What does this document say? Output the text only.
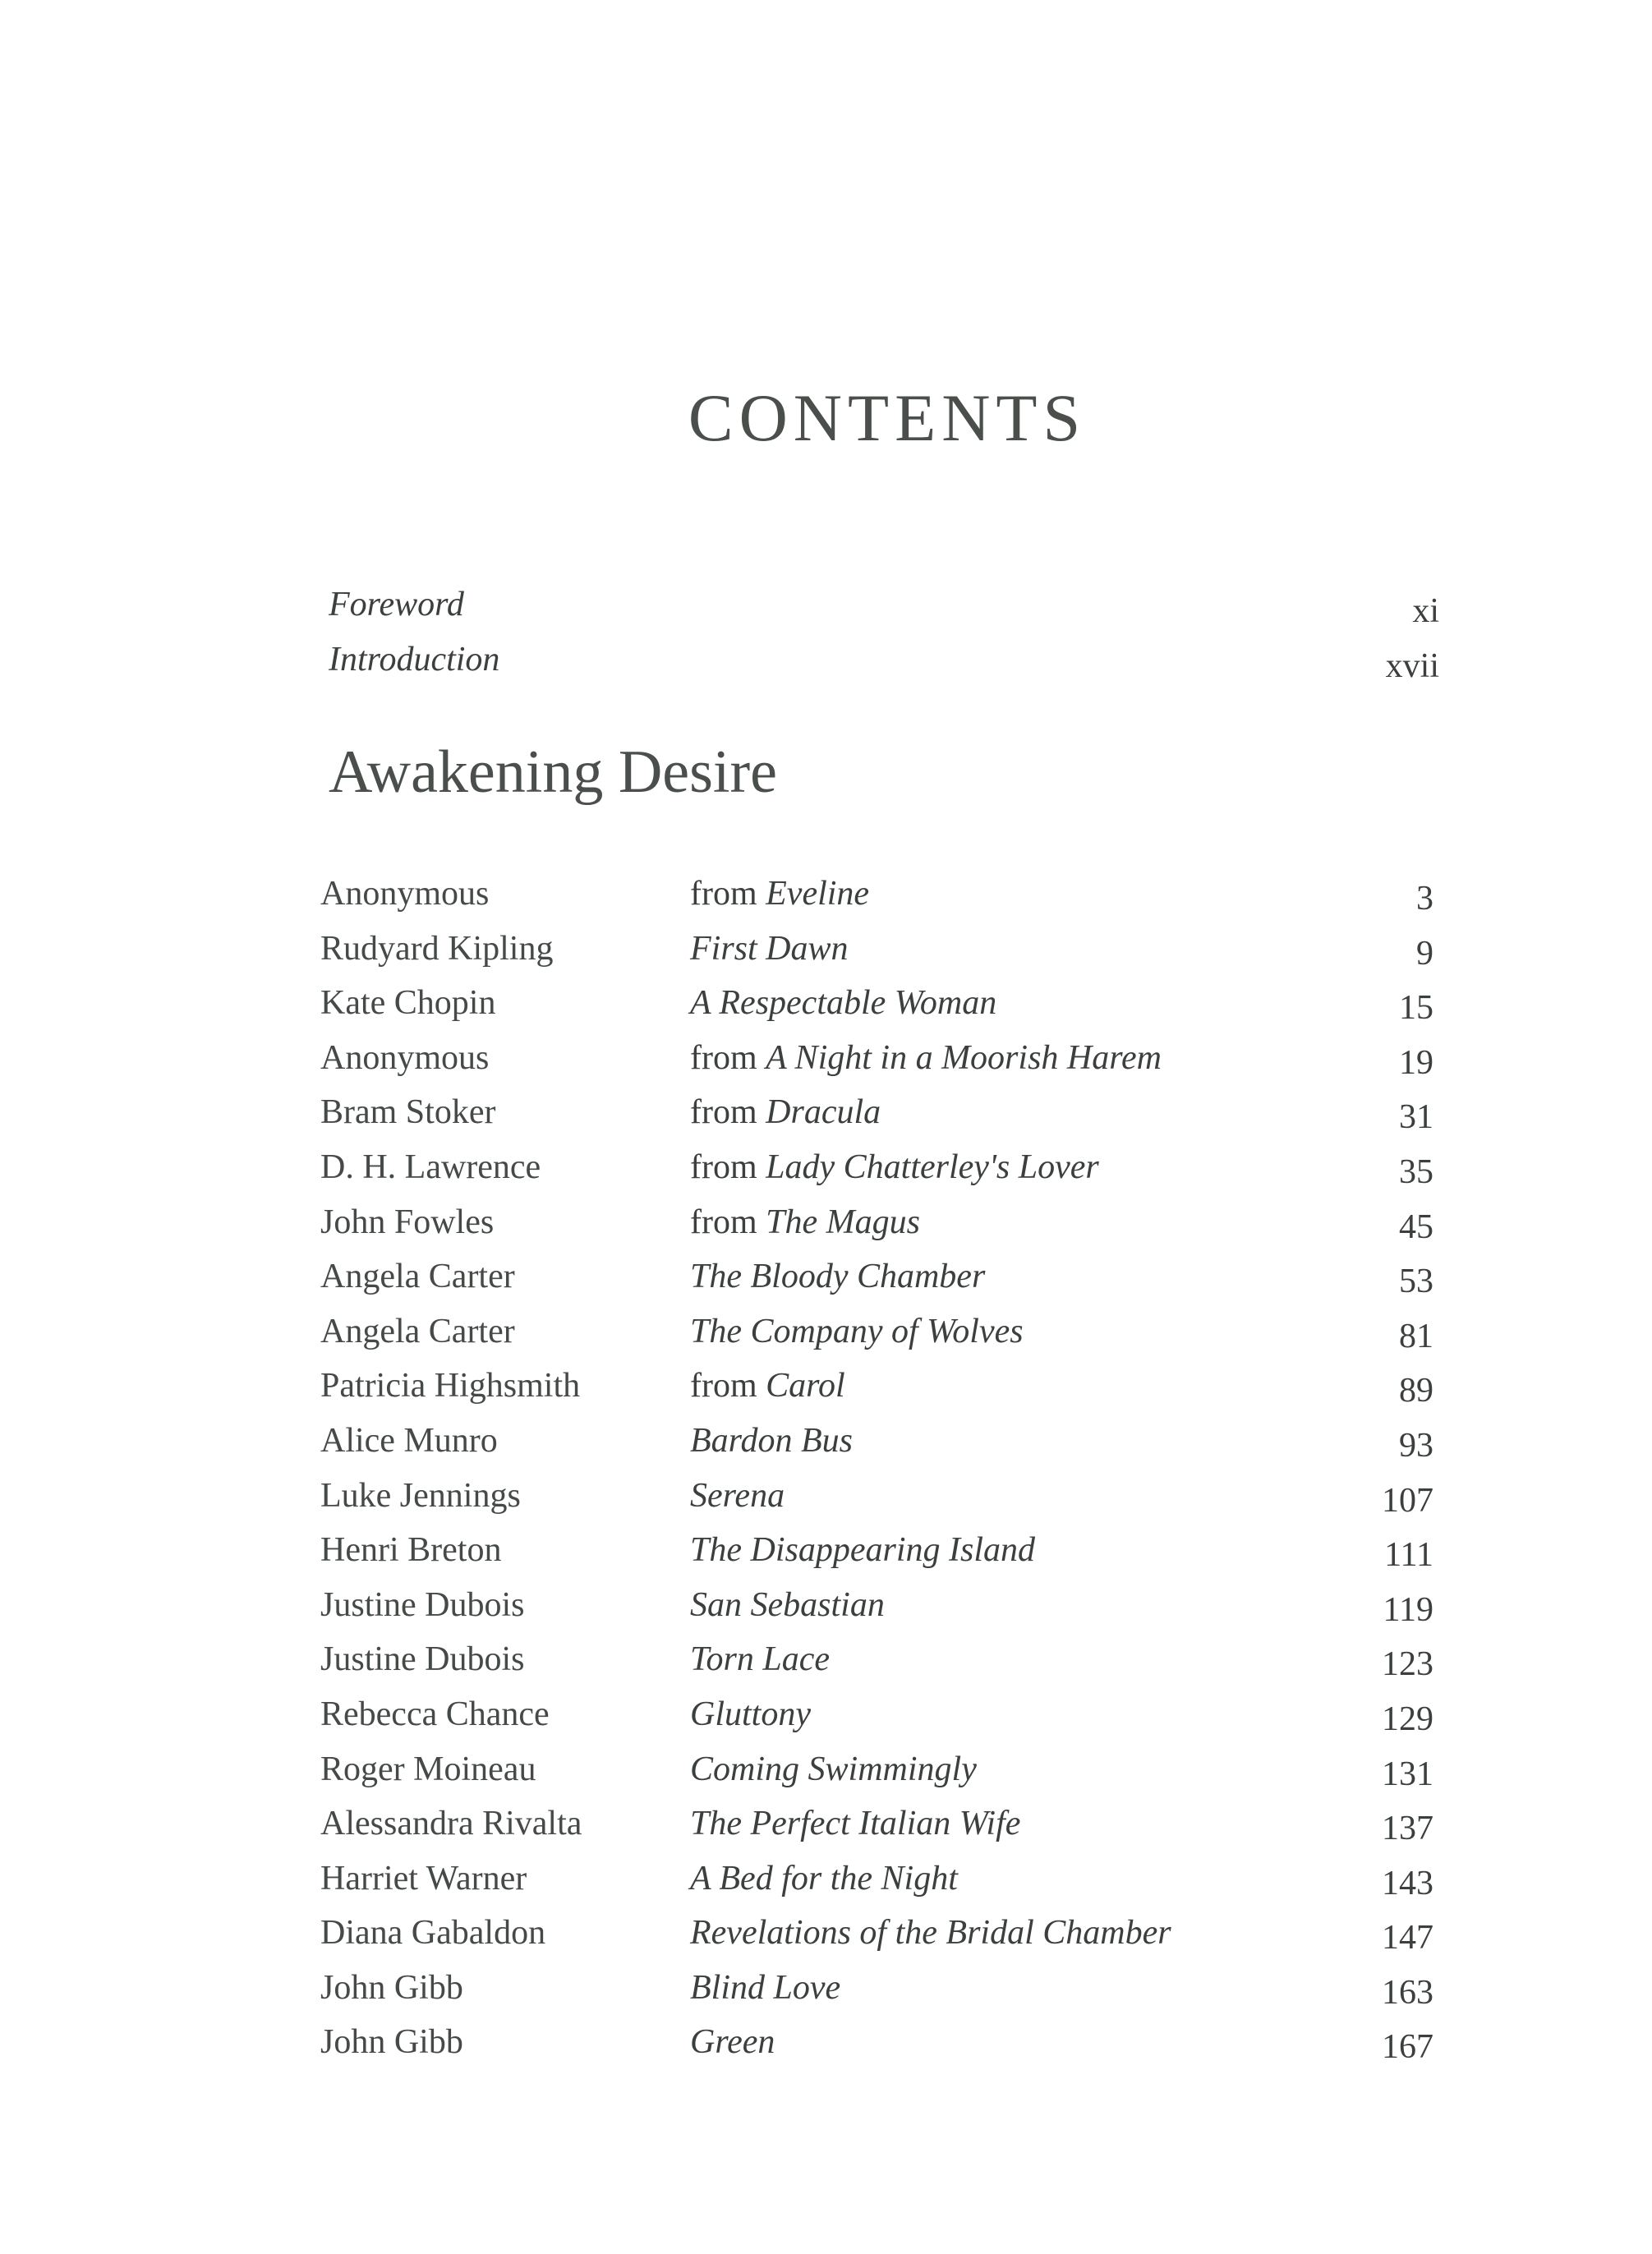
CONTENTS
Foreword	xi
Introduction	xvii
Awakening Desire
Anonymous	from Eveline	3
Rudyard Kipling	First Dawn	9
Kate Chopin	A Respectable Woman	15
Anonymous	from A Night in a Moorish Harem	19
Bram Stoker	from Dracula	31
D. H. Lawrence	from Lady Chatterley's Lover	35
John Fowles	from The Magus	45
Angela Carter	The Bloody Chamber	53
Angela Carter	The Company of Wolves	81
Patricia Highsmith	from Carol	89
Alice Munro	Bardon Bus	93
Luke Jennings	Serena	107
Henri Breton	The Disappearing Island	111
Justine Dubois	San Sebastian	119
Justine Dubois	Torn Lace	123
Rebecca Chance	Gluttony	129
Roger Moineau	Coming Swimmingly	131
Alessandra Rivalta	The Perfect Italian Wife	137
Harriet Warner	A Bed for the Night	143
Diana Gabaldon	Revelations of the Bridal Chamber	147
John Gibb	Blind Love	163
John Gibb	Green	167
